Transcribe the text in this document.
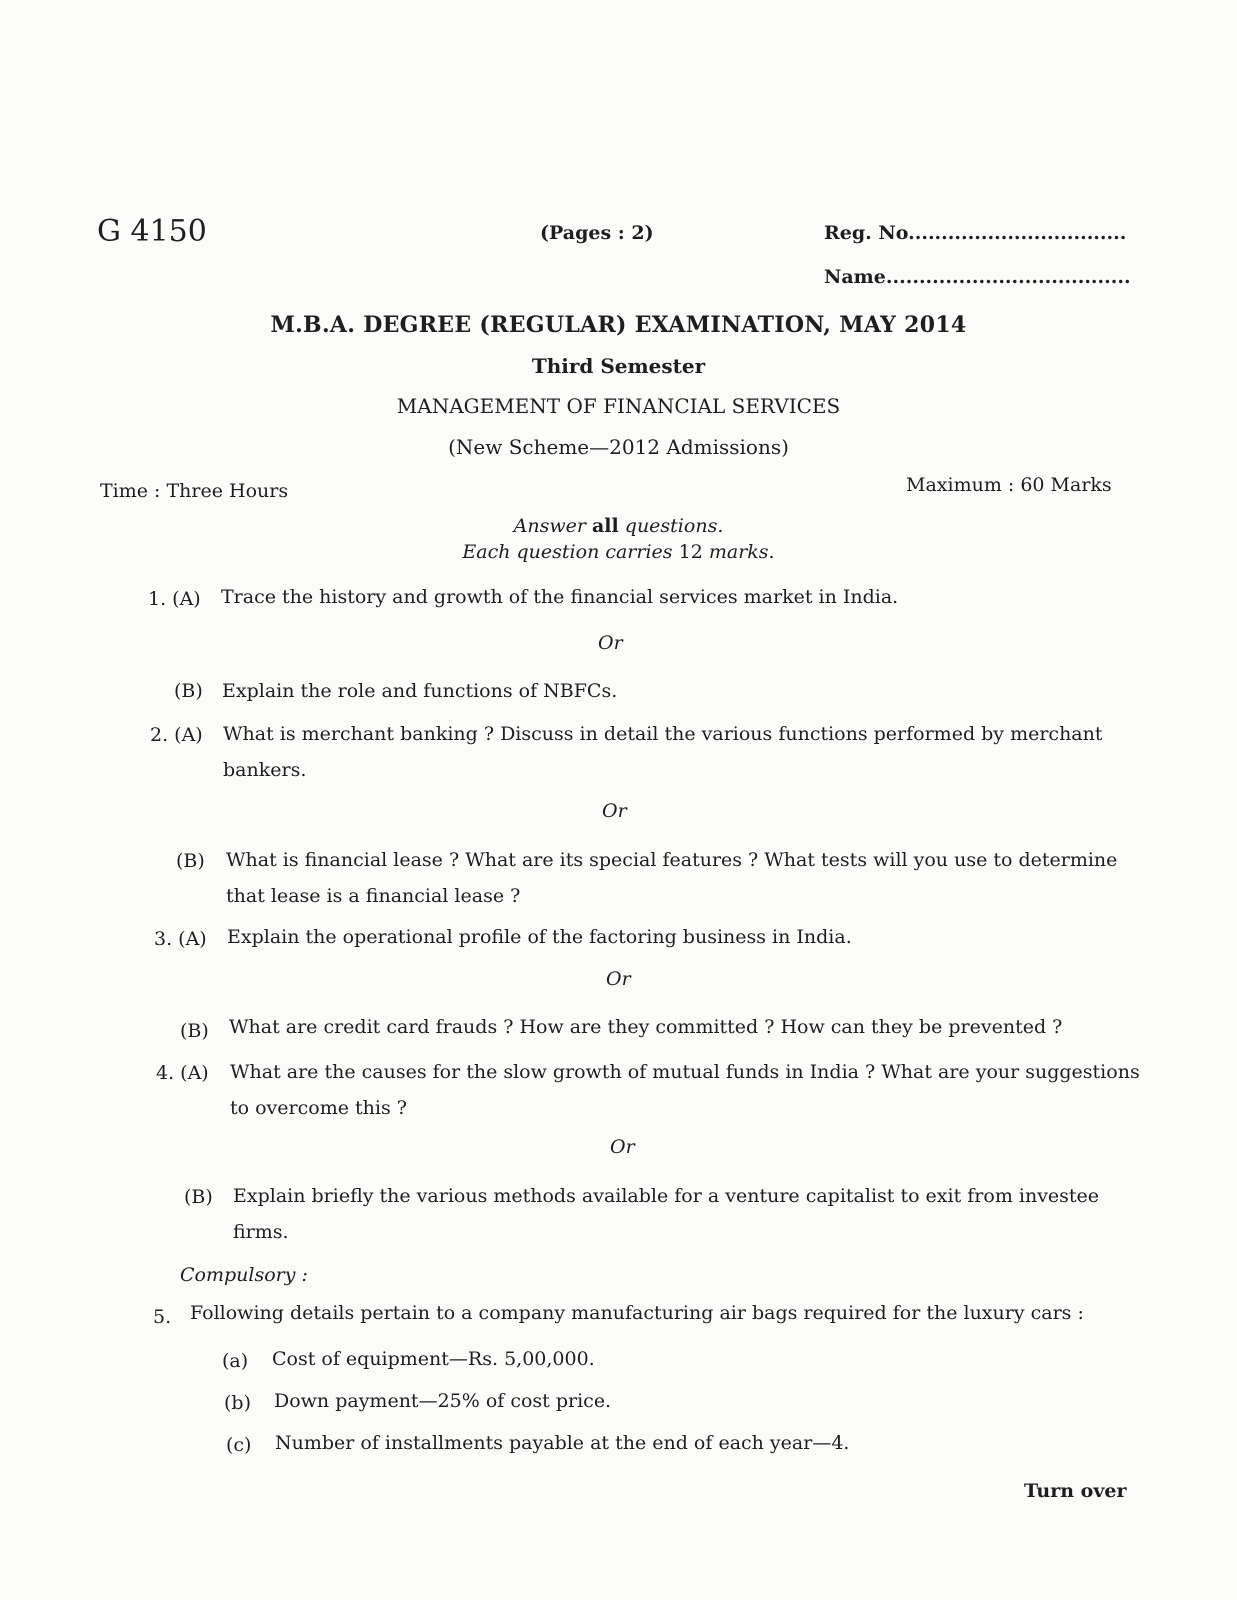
G 4150	(Pages : 2)	Reg. No.................................
Name.....................................
M.B.A. DEGREE (REGULAR) EXAMINATION, MAY 2014
Third Semester
MANAGEMENT OF FINANCIAL SERVICES
(New Scheme—2012 Admissions)
Time : Three Hours	Maximum : 60 Marks
Answer all questions.
Each question carries 12 marks.
1. (A) Trace the history and growth of the financial services market in India.
Or
(B) Explain the role and functions of NBFCs.
2. (A) What is merchant banking ? Discuss in detail the various functions performed by merchant bankers.
Or
(B) What is financial lease ? What are its special features ? What tests will you use to determine that lease is a financial lease ?
3. (A) Explain the operational profile of the factoring business in India.
Or
(B) What are credit card frauds ? How are they committed ? How can they be prevented ?
4. (A) What are the causes for the slow growth of mutual funds in India ? What are your suggestions to overcome this ?
Or
(B) Explain briefly the various methods available for a venture capitalist to exit from investee firms.
Compulsory :
5. Following details pertain to a company manufacturing air bags required for the luxury cars :
(a) Cost of equipment—Rs. 5,00,000.
(b) Down payment—25% of cost price.
(c) Number of installments payable at the end of each year—4.
Turn over
